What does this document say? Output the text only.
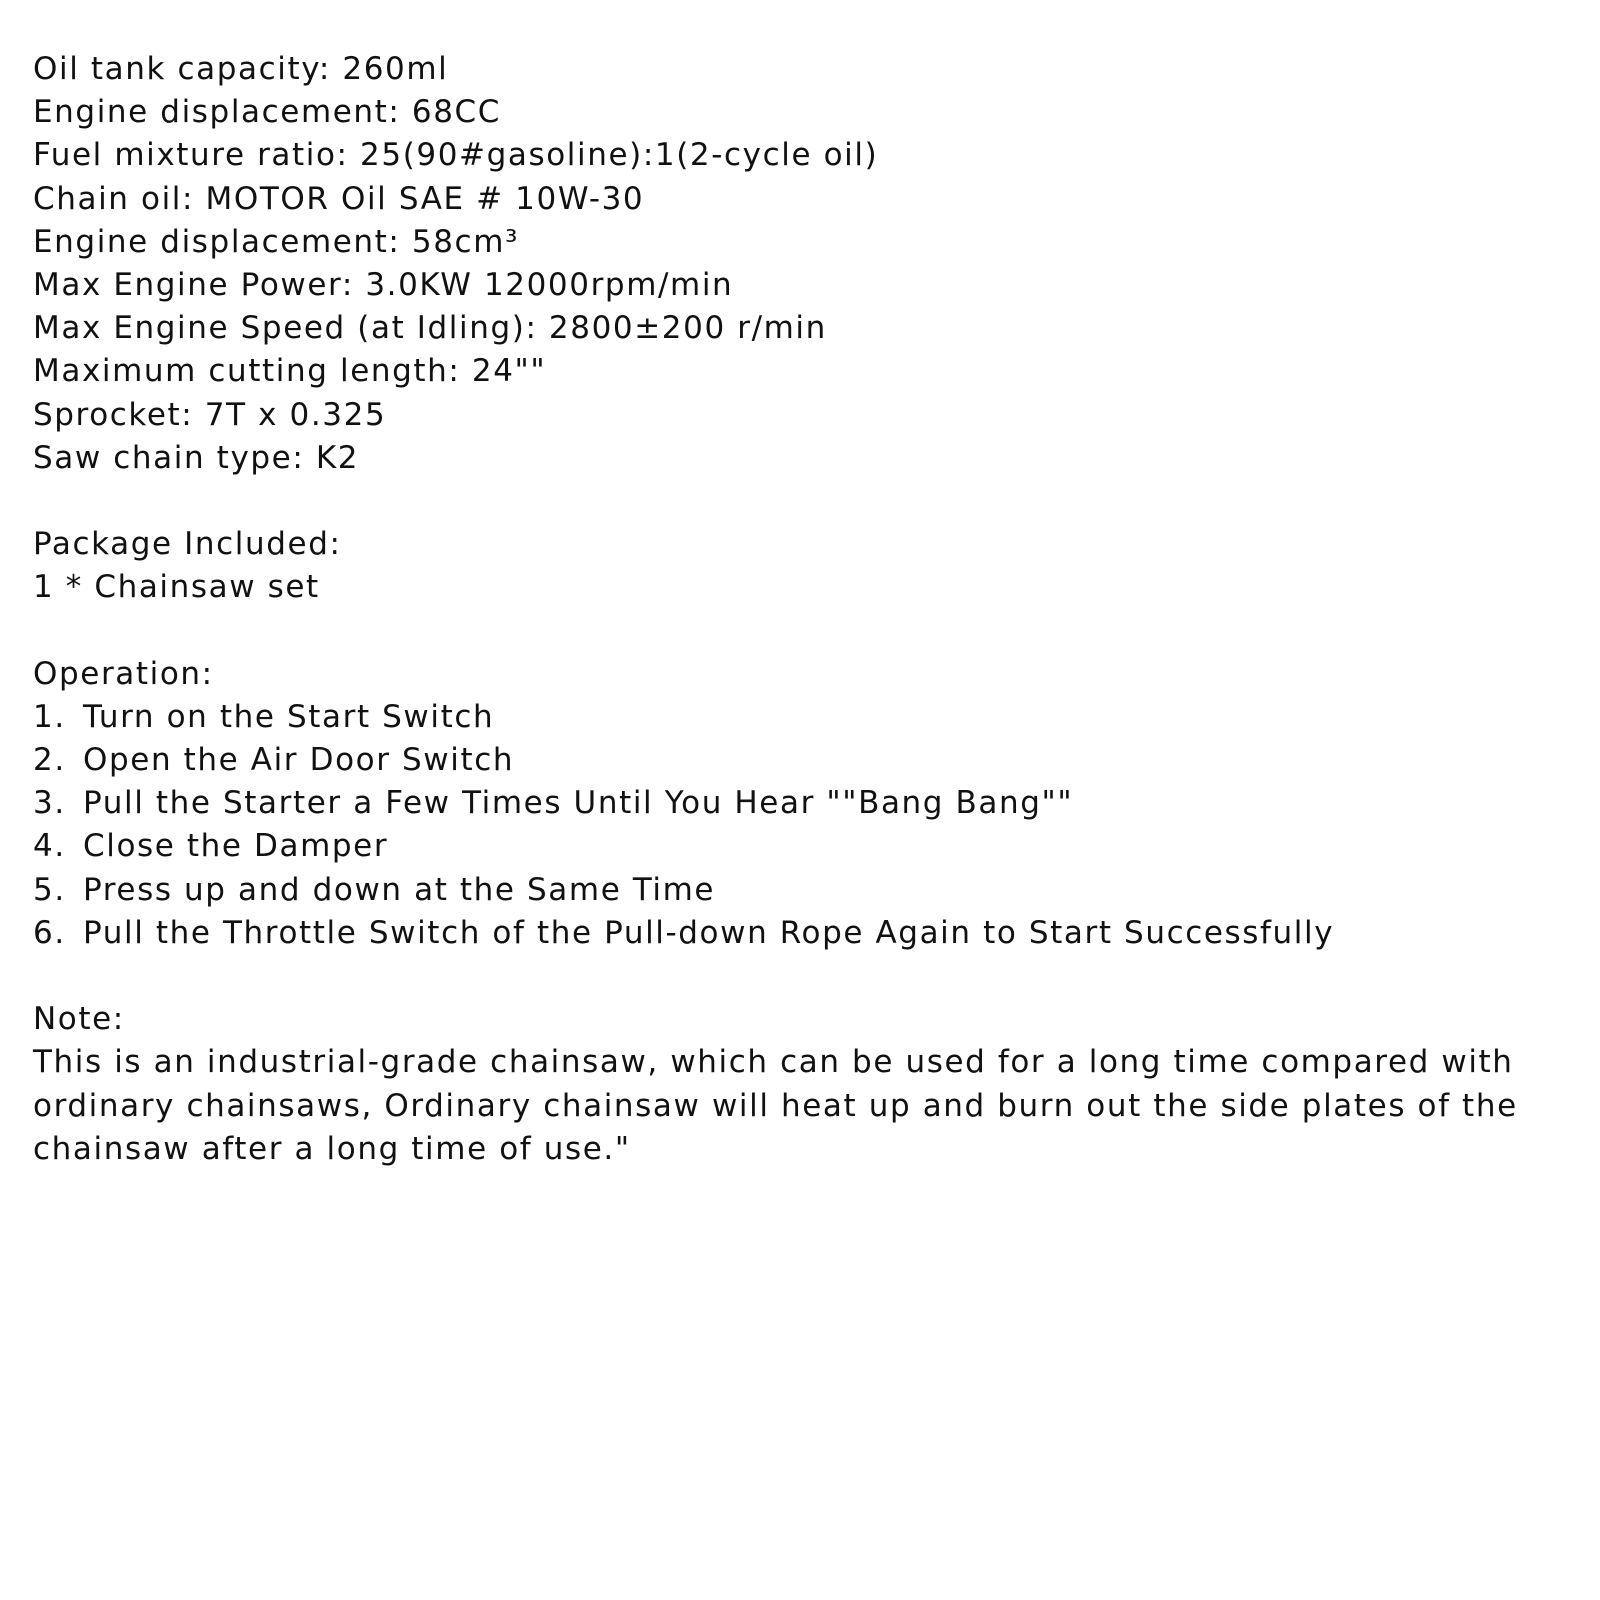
Oil tank capacity: 260ml
Engine displacement: 68CC
Fuel mixture ratio: 25(90#gasoline):1(2-cycle oil)
Chain oil: MOTOR Oil SAE # 10W-30
Engine displacement: 58cm³
Max Engine Power: 3.0KW 12000rpm/min
Max Engine Speed (at Idling): 2800±200 r/min
Maximum cutting length: 24""
Sprocket: 7T x 0.325
Saw chain type: K2
Package Included:
1 * Chainsaw set
Operation:
1. Turn on the Start Switch
2. Open the Air Door Switch
3. Pull the Starter a Few Times Until You Hear ""Bang Bang""
4. Close the Damper
5. Press up and down at the Same Time
6. Pull the Throttle Switch of the Pull-down Rope Again to Start Successfully
Note:
This is an industrial-grade chainsaw, which can be used for a long time compared with ordinary chainsaws, Ordinary chainsaw will heat up and burn out the side plates of the chainsaw after a long time of use."
